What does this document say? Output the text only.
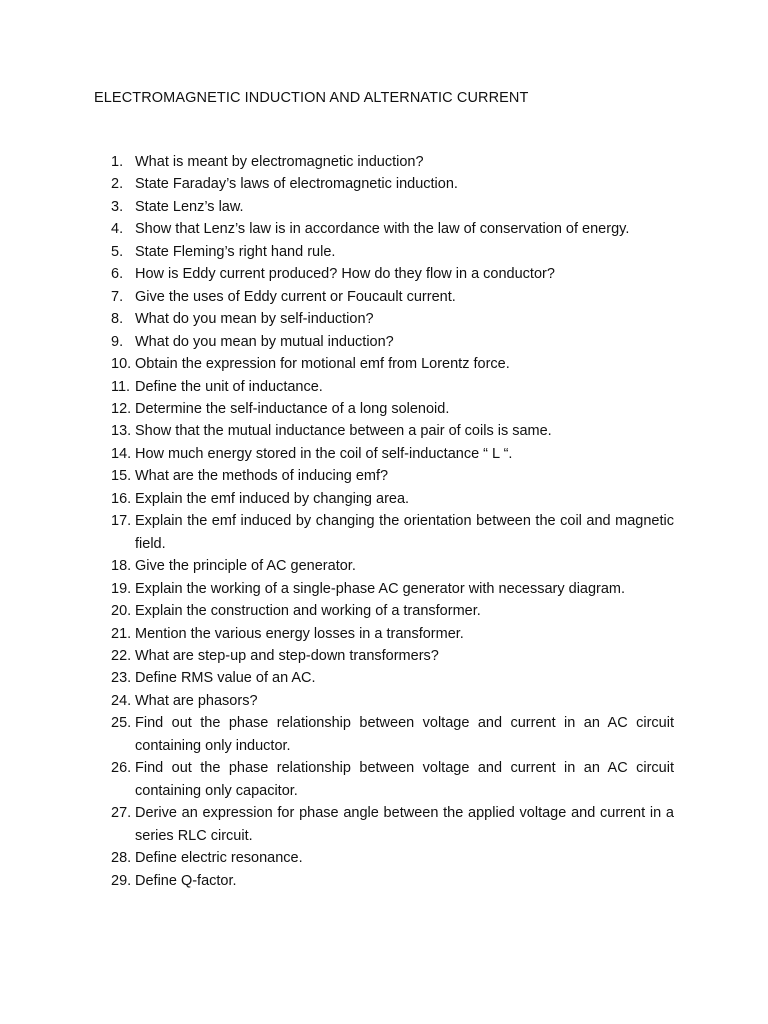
ELECTROMAGNETIC INDUCTION AND ALTERNATIC CURRENT
1. What is meant by electromagnetic induction?
2. State Faraday’s laws of electromagnetic induction.
3. State Lenz’s law.
4. Show that Lenz’s law is in accordance with the law of conservation of energy.
5. State Fleming’s right hand rule.
6. How is Eddy current produced? How do they flow in a conductor?
7. Give the uses of Eddy current or Foucault current.
8. What do you mean by self-induction?
9. What do you mean by mutual induction?
10. Obtain the expression for motional emf from Lorentz force.
11. Define the unit of inductance.
12. Determine the self-inductance of a long solenoid.
13. Show that the mutual inductance between a pair of coils is same.
14. How much energy stored in the coil of self-inductance “ L “.
15. What are the methods of inducing emf?
16. Explain the emf induced by changing area.
17. Explain the emf induced by changing the orientation between the coil and magnetic field.
18. Give the principle of AC generator.
19. Explain the working of a single-phase AC generator with necessary diagram.
20. Explain the construction and working of a transformer.
21. Mention the various energy losses in a transformer.
22. What are step-up and step-down transformers?
23. Define RMS value of an AC.
24. What are phasors?
25. Find out the phase relationship between voltage and current in an AC circuit containing only inductor.
26. Find out the phase relationship between voltage and current in an AC circuit containing only capacitor.
27. Derive an expression for phase angle between the applied voltage and current in a series RLC circuit.
28. Define electric resonance.
29. Define Q-factor.
